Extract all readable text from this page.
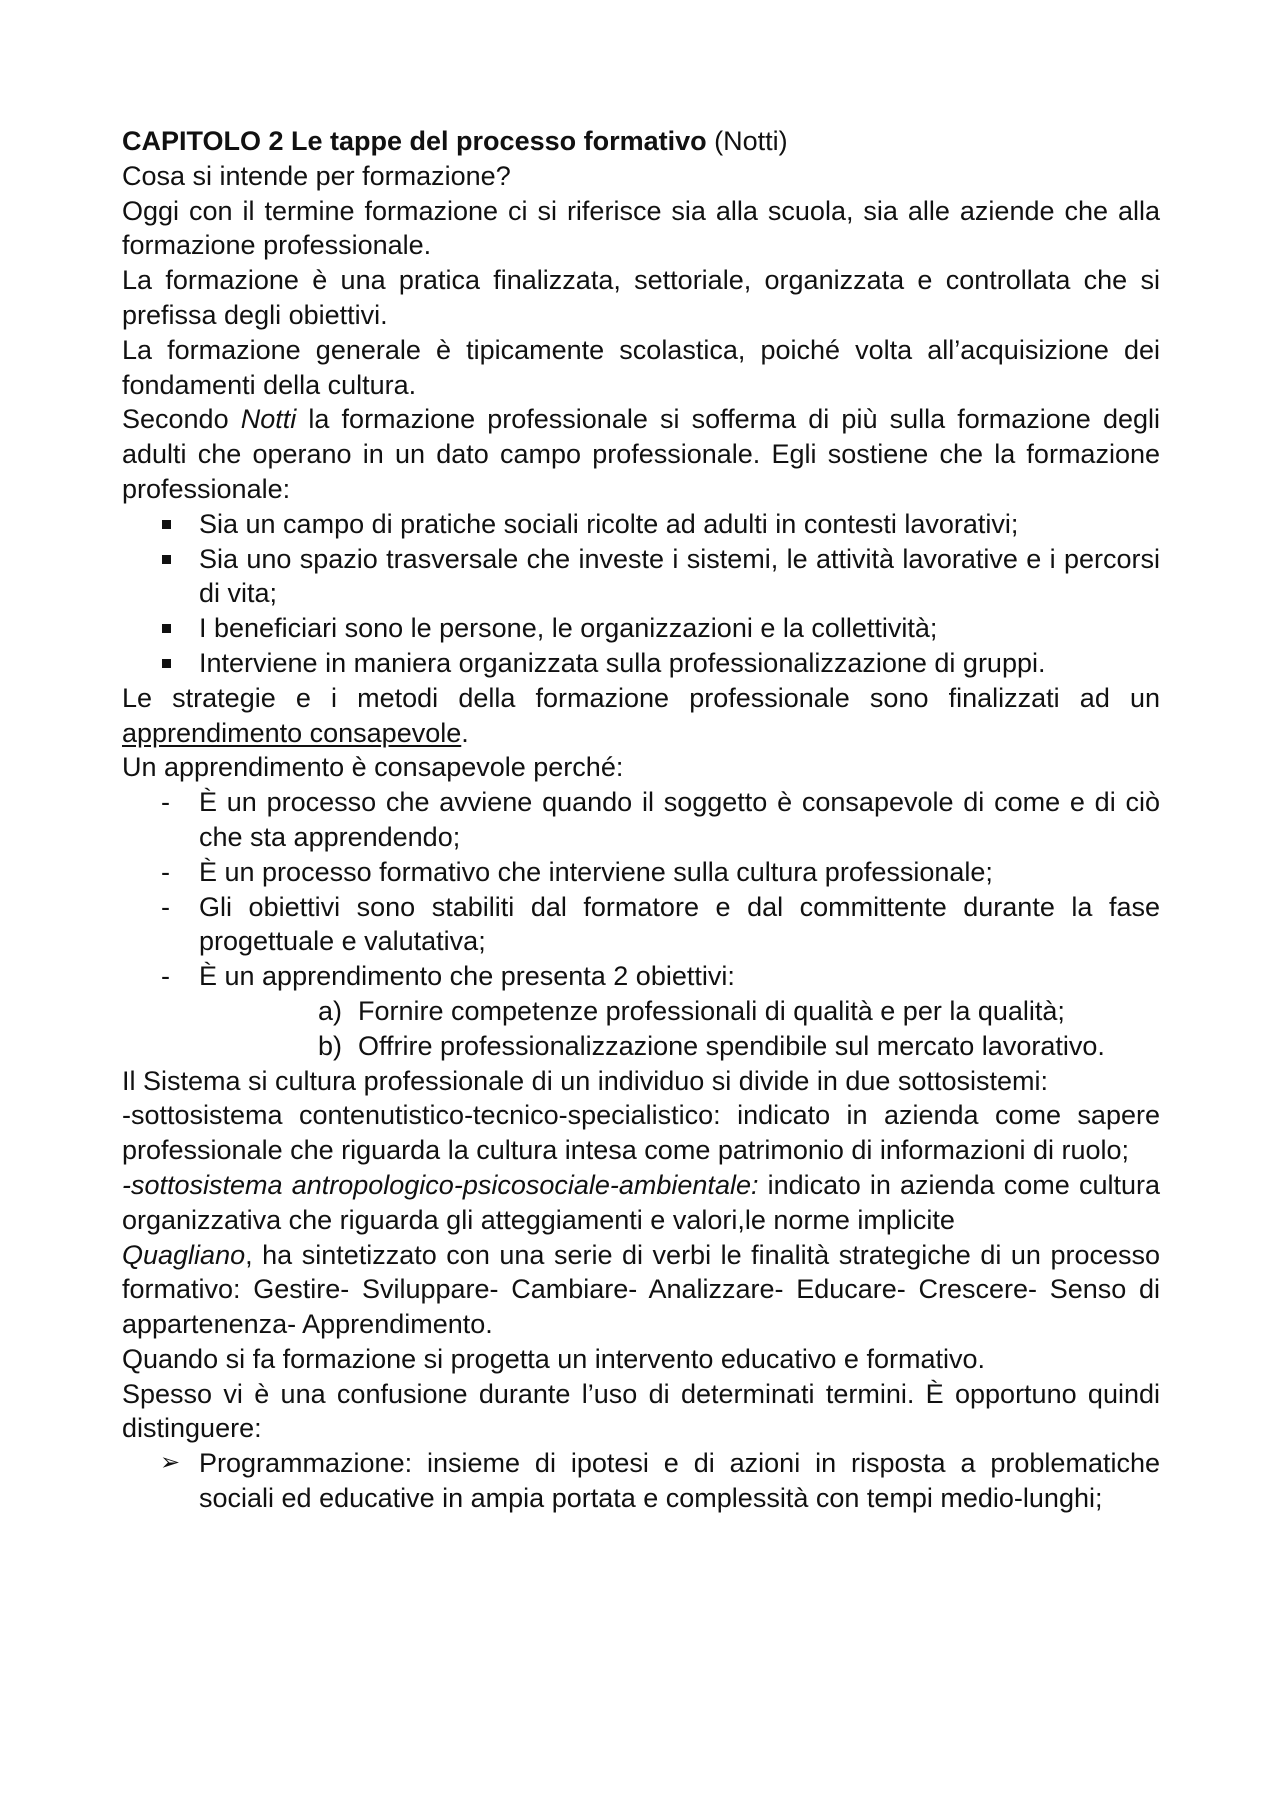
CAPITOLO 2 Le tappe del processo formativo (Notti)

Cosa si intende per formazione?

Oggi con il termine formazione ci si riferisce sia alla scuola, sia alle aziende che alla formazione professionale.

La formazione è una pratica finalizzata, settoriale, organizzata e controllata che si prefissa degli obiettivi.

La formazione generale è tipicamente scolastica, poiché volta all’acquisizione dei fondamenti della cultura.

Secondo Notti la formazione professionale si sofferma di più sulla formazione degli adulti che operano in un dato campo professionale. Egli sostiene che la formazione professionale:

Sia un campo di pratiche sociali ricolte ad adulti in contesti lavorativi;
Sia uno spazio trasversale che investe i sistemi, le attività lavorative e i percorsi di vita;
I beneficiari sono le persone, le organizzazioni e la collettività;
Interviene in maniera organizzata sulla professionalizzazione di gruppi.

Le strategie e i metodi della formazione professionale sono finalizzati ad un apprendimento consapevole.

Un apprendimento è consapevole perché:

-	È un processo che avviene quando il soggetto è consapevole di come e di ciò che sta apprendendo;
-	È un processo formativo che interviene sulla cultura professionale;
-	Gli obiettivi sono stabiliti dal formatore e dal committente durante la fase progettuale e valutativa;
-	È un apprendimento che presenta 2 obiettivi:
a) Fornire competenze professionali di qualità e per la qualità;
b) Offrire professionalizzazione spendibile sul mercato lavorativo.

Il Sistema si cultura professionale di un individuo si divide in due sottosistemi:

-sottosistema contenutistico-tecnico-specialistico: indicato in azienda come sapere professionale che riguarda la cultura intesa come patrimonio di informazioni di ruolo;

-sottosistema antropologico-psicosociale-ambientale: indicato in azienda come cultura organizzativa che riguarda gli atteggiamenti e valori,le norme implicite

Quagliano, ha sintetizzato con una serie di verbi le finalità strategiche di un processo formativo: Gestire- Sviluppare- Cambiare- Analizzare- Educare- Crescere- Senso di appartenenza- Apprendimento.

Quando si fa formazione si progetta un intervento educativo e formativo.

Spesso vi è una confusione durante l’uso di determinati termini. È opportuno quindi distinguere:

➢ Programmazione: insieme di ipotesi e di azioni in risposta a problematiche sociali ed educative in ampia portata e complessità con tempi medio-lunghi;
